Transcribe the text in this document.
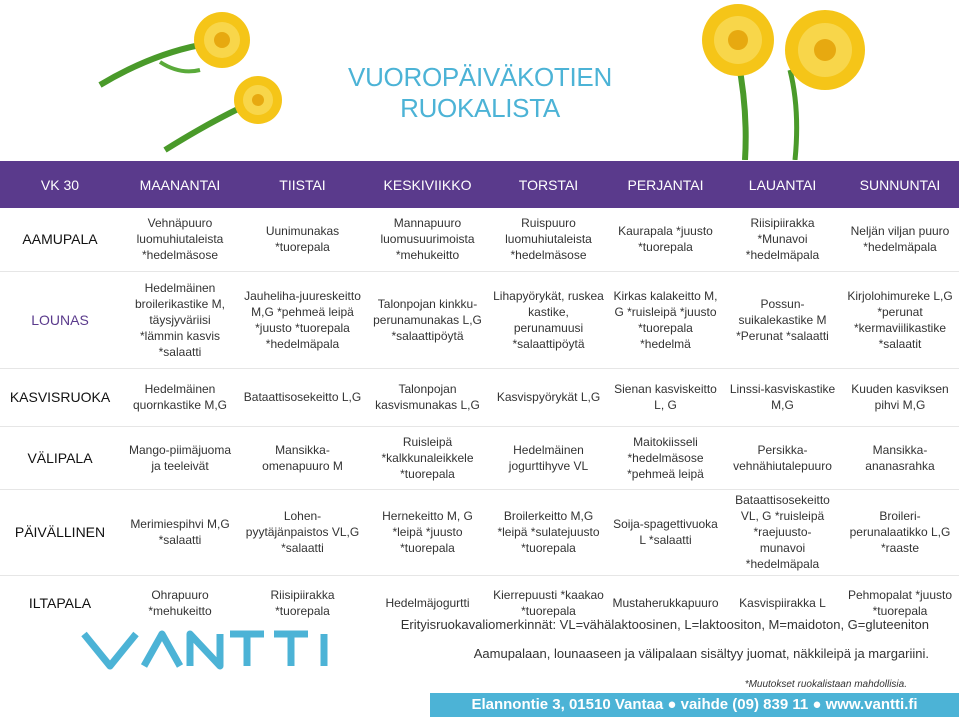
VUOROPÄIVÄKOTIEN
RUOKALISTA
VK 30	MAANANTAI	TIISTAI	KESKIVIIKKO	TORSTAI	PERJANTAI	LAUANTAI	SUNNUNTAI
AAMUPALA	Vehnäpuuro
luomuhiutaleista
*hedelmäsose	Uunimunakas
*tuorepala	Mannapuuro
luomusuurimoista
*mehukeitto	Ruispuuro
luomuhiutaleista
*hedelmäsose	Kaurapala *juusto
*tuorepala	Riisipiirakka
*Munavoi
*hedelmäpala	Neljän viljan puuro
*hedelmäpala
LOUNAS	Hedelmäinen
broilerikastike M,
täysjyväriisi
*lämmin kasvis
*salaatti	Jauheliha-juureskeitto
M,G *pehmeä leipä
*juusto *tuorepala
*hedelmäpala	Talonpojan kinkku-
perunamunakas L,G
*salaattipöytä	Lihapyörykät, ruskea
kastike,
perunamuusi
*salaattipöytä	Kirkas kalakeitto M,
G *ruisleipä *juusto
*tuorepala
*hedelmä	Possun-
suikalekastike M
*Perunat *salaatti	Kirjolohimureke L,G
*perunat
*kermaviilikastike
*salaatit
KASVISRUOKA	Hedelmäinen
quornkastike M,G	Bataattisosekeitto L,G	Talonpojan
kasvismunakas L,G	Kasvispyörykät L,G	Sienan kasviskeitto
L, G	Linssi-kasviskastike
M,G	Kuuden kasviksen
pihvi M,G
VÄLIPALA	Mango-piimäjuoma
ja teeleivät	Mansikka-
omenapuuro M	Ruisleipä
*kalkkunaleikkele
*tuorepala	Hedelmäinen
jogurttihyve VL	Maitokiisseli
*hedelmäsose
*pehmeä leipä	Persikka-
vehnähiutalepuuro	Mansikka-
ananasrahka
PÄIVÄLLINEN	Merimiespihvi M,G
*salaatti	Lohen-
pyytäjänpaistos VL,G
*salaatti	Hernekeitto M, G
*leipä *juusto
*tuorepala	Broilerkeitto M,G
*leipä *sulatejuusto
*tuorepala	Soija-spagettivuoka
L *salaatti	Bataattisosekeitto
VL, G *ruisleipä
*raejuusto-
munavoi
*hedelmäpala	Broileri-
perunalaatikko L,G
*raaste
ILTAPALA	Ohrapuuro
*mehukeitto	Riisipiirakka
*tuorepala	Hedelmäjogurtti	Kierrepuusti *kaakao
*tuorepala	Mustaherukkapuuro	Kasvispiirakka L	Pehmopalat *juusto
*tuorepala
Erityisruokavaliomerkinnät: VL=vähälaktoosinen, L=laktoositon, M=maidoton, G=gluteeniton
Aamupalaan, lounaaseen ja välipalaan sisältyy juomat, näkkileipä ja margariini.
*Muutokset ruokalistaan mahdollisia.
Elannontie 3, 01510 Vantaa ● vaihde (09) 839 11 ● www.vantti.fi
